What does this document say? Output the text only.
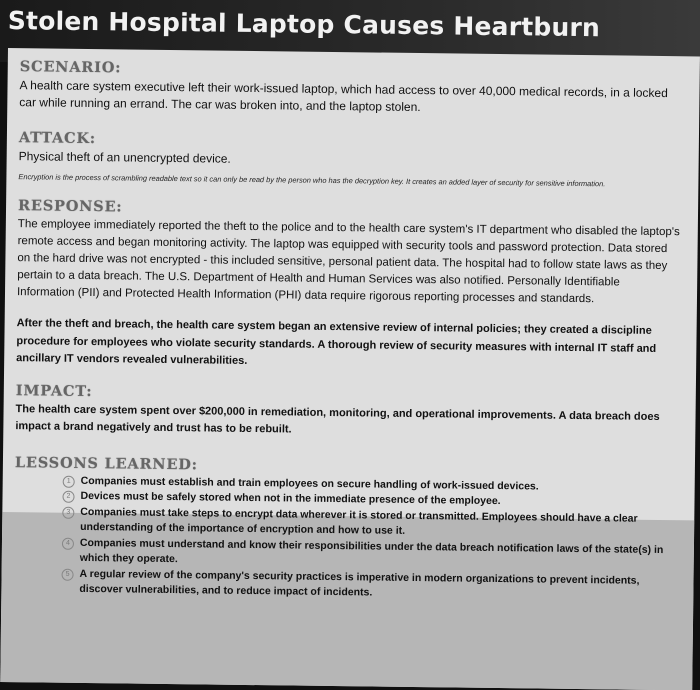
Stolen Hospital Laptop Causes Heartburn
SCENARIO:

A health care system executive left their work-issued laptop, which had access to over 40,000 medical records, in a locked car while running an errand. The car was broken into, and the laptop stolen.

ATTACK:

Physical theft of an unencrypted device.

Encryption is the process of scrambling readable text so it can only be read by the person who has the decryption key. It creates an added layer of security for sensitive information.

RESPONSE:

The employee immediately reported the theft to the police and to the health care system's IT department who disabled the laptop's remote access and began monitoring activity. The laptop was equipped with security tools and password protection. Data stored on the hard drive was not encrypted - this included sensitive, personal patient data. The hospital had to follow state laws as they pertain to a data breach. The U.S. Department of Health and Human Services was also notified. Personally Identifiable Information (PII) and Protected Health Information (PHI) data require rigorous reporting processes and standards.

After the theft and breach, the health care system began an extensive review of internal policies; they created a discipline procedure for employees who violate security standards. A thorough review of security measures with internal IT staff and ancillary IT vendors revealed vulnerabilities.

IMPACT:

The health care system spent over $200,000 in remediation, monitoring, and operational improvements. A data breach does impact a brand negatively and trust has to be rebuilt.

LESSONS LEARNED:
1 Companies must establish and train employees on secure handling of work-issued devices.
2 Devices must be safely stored when not in the immediate presence of the employee.
3 Companies must take steps to encrypt data wherever it is stored or transmitted. Employees should have a clear understanding of the importance of encryption and how to use it.
4 Companies must understand and know their responsibilities under the data breach notification laws of the state(s) in which they operate.
5 A regular review of the company's security practices is imperative in modern organizations to prevent incidents, discover vulnerabilities, and to reduce impact of incidents.
